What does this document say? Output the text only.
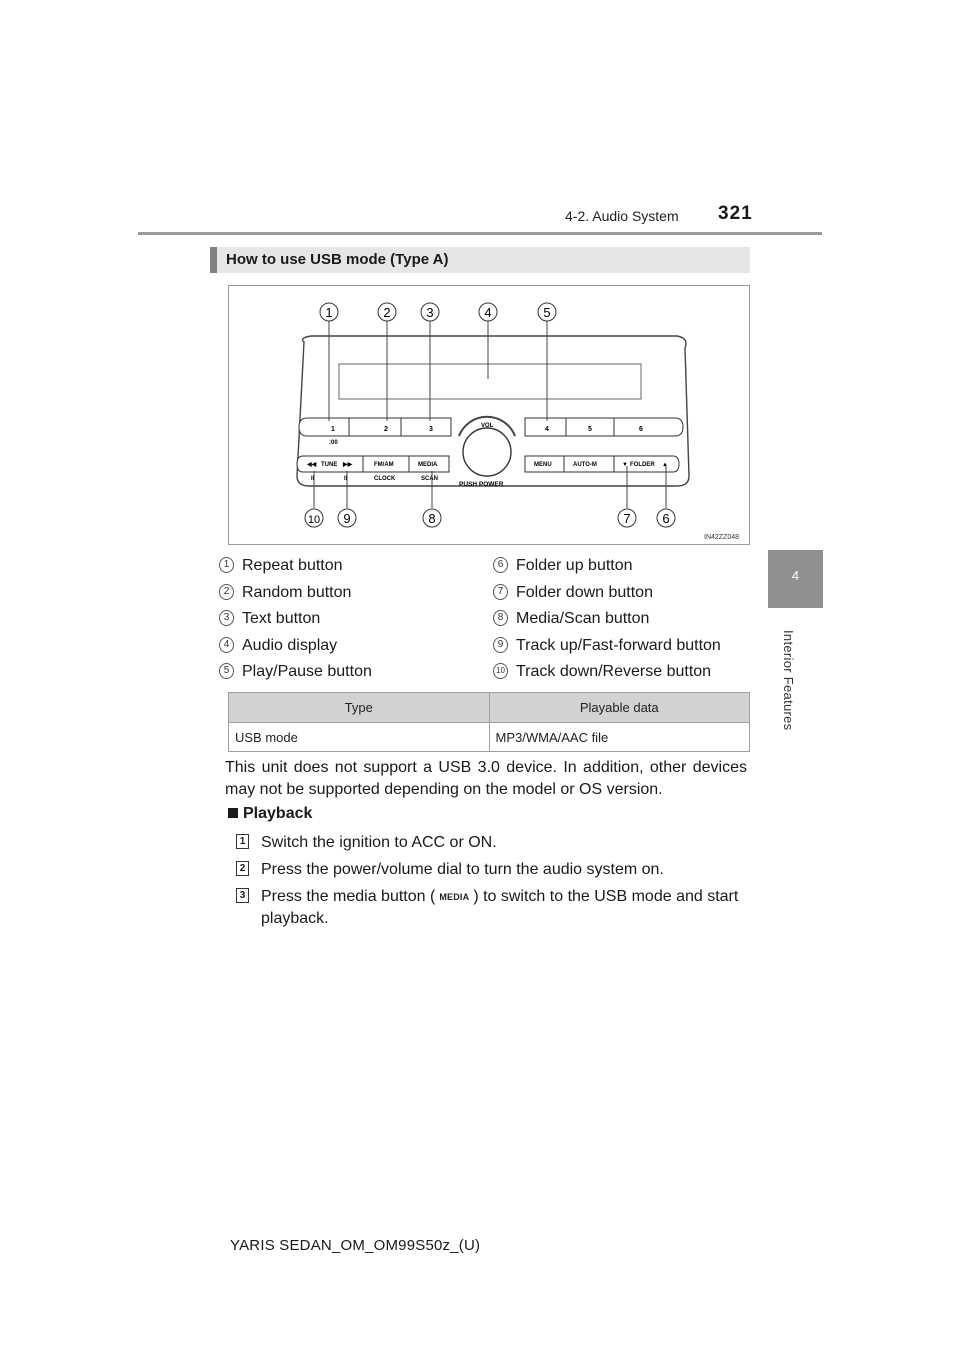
4-2. Audio System 321
4
Interior Features
How to use USB mode (Type A)
1	2	3
:00
4	5	6
VOL
PUSH POWER
◀◀ TUNE ▶▶	FM/AM	MEDIA
II	II	CLOCK	SCAN
MENU	AUTO-M	▼ FOLDER ▲
1	2	3	4	5
10 9	8	7 6
IN42ZZ048
1 Repeat button
2 Random button
3 Text button
4 Audio display
5 Play/Pause button
6 Folder up button
7 Folder down button
8 Media/Scan button
9 Track up/Fast-forward button
10 Track down/Reverse button
Type	Playable data
USB mode	MP3/WMA/AAC file
This unit does not support a USB 3.0 device. In addition, other devices may not be supported depending on the model or OS version.
Playback
1 Switch the ignition to ACC or ON.
2 Press the power/volume dial to turn the audio system on.
3 Press the media button ( MEDIA ) to switch to the USB mode and start playback.
YARIS SEDAN_OM_OM99S50z_(U)
